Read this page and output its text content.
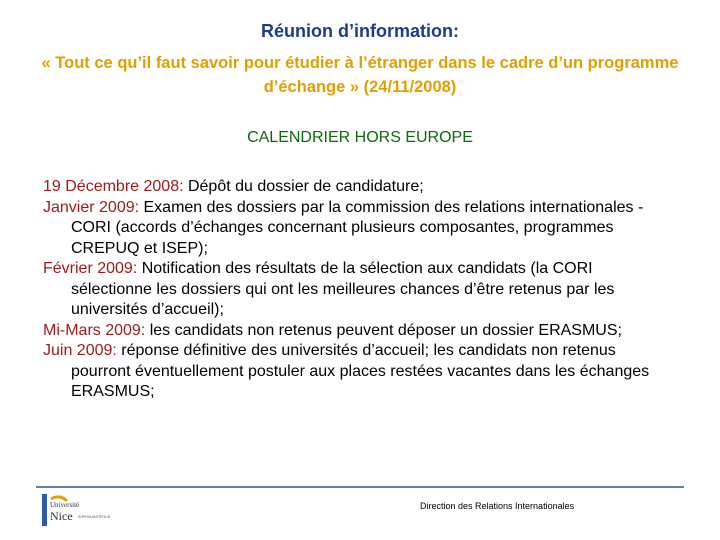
Réunion d’information:
« Tout ce qu’il faut savoir pour étudier à l’étranger dans le cadre d’un programme d’échange » (24/11/2008)
CALENDRIER HORS EUROPE
19 Décembre 2008: Dépôt du dossier de candidature;
Janvier 2009: Examen des dossiers par la commission des relations internationales - CORI (accords d’échanges concernant plusieurs composantes, programmes CREPUQ et ISEP);
Février 2009: Notification des résultats de la sélection aux candidats (la CORI sélectionne les dossiers qui ont les meilleures chances d’être retenus par les universités d’accueil);
Mi-Mars 2009: les candidats non retenus peuvent déposer un dossier ERASMUS;
Juin 2009: réponse définitive des universités d’accueil; les candidats non retenus pourront éventuellement postuler aux places restées vacantes dans les échanges ERASMUS;
Université
Nice SOPHIA ANTIPOLIS
Direction des Relations Internationales
